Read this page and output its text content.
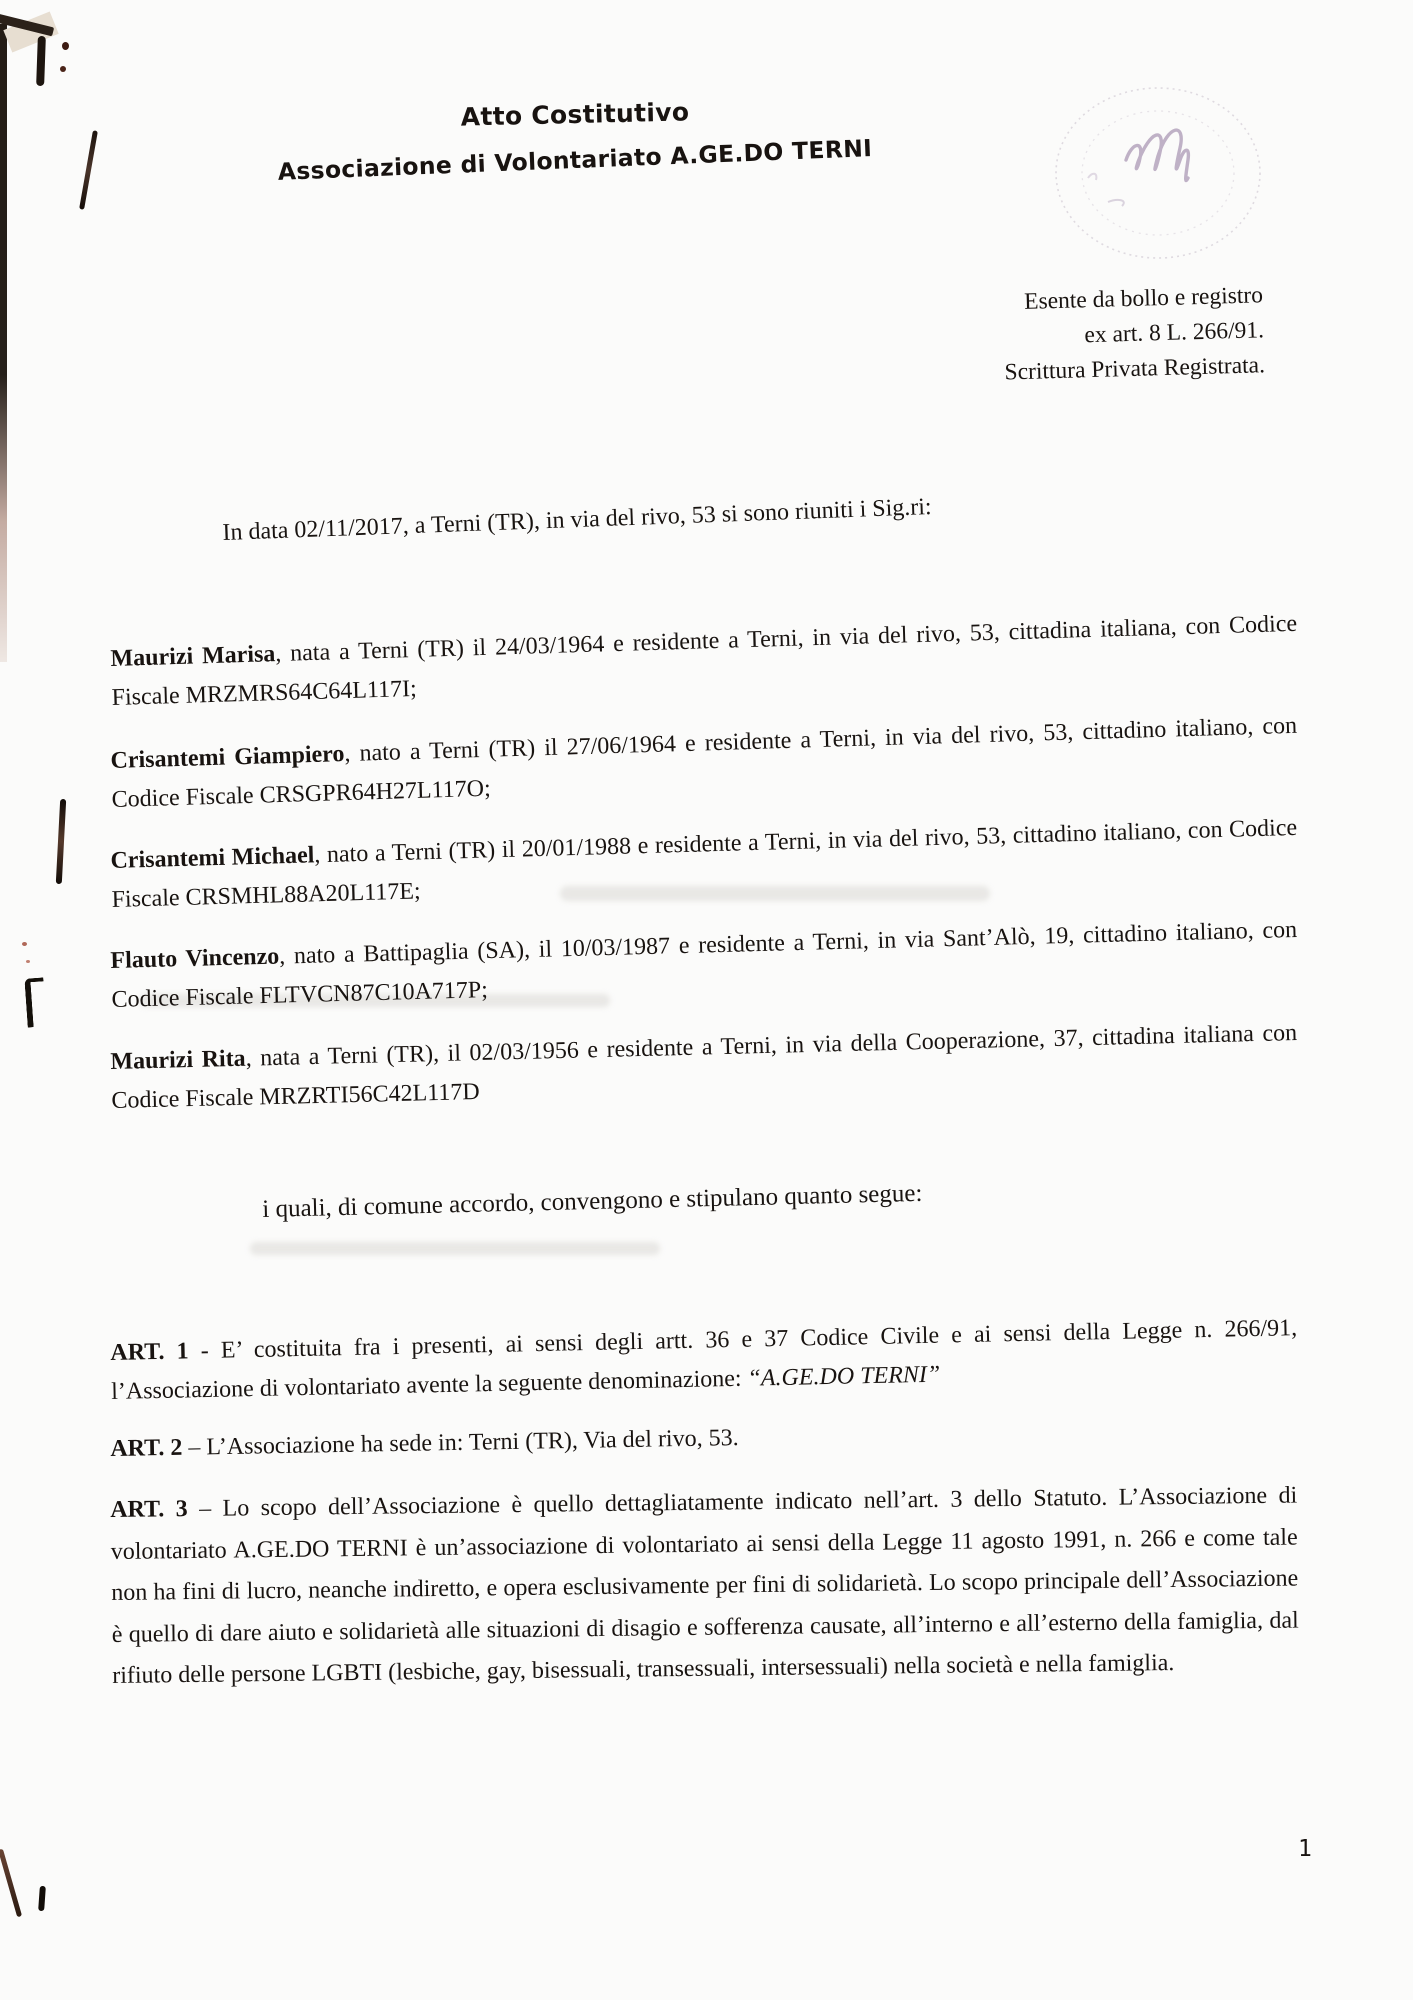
Atto Costitutivo
Associazione di Volontariato A.GE.DO TERNI
Esente da bollo e registro
ex art. 8 L. 266/91.
Scrittura Privata Registrata.
In data 02/11/2017, a Terni (TR), in via del rivo, 53 si sono riuniti i Sig.ri:
Maurizi Marisa, nata a Terni (TR) il 24/03/1964 e residente a Terni, in via del rivo, 53, cittadina italiana, con Codice Fiscale MRZMRS64C64L117I;
Crisantemi Giampiero, nato a Terni (TR) il 27/06/1964 e residente a Terni, in via del rivo, 53, cittadino italiano, con Codice Fiscale CRSGPR64H27L117O;
Crisantemi Michael, nato a Terni (TR) il 20/01/1988 e residente a Terni, in via del rivo, 53, cittadino italiano, con Codice Fiscale CRSMHL88A20L117E;
Flauto Vincenzo, nato a Battipaglia (SA), il 10/03/1987 e residente a Terni, in via Sant’Alò, 19, cittadino italiano, con Codice Fiscale FLTVCN87C10A717P;
Maurizi Rita, nata a Terni (TR), il 02/03/1956 e residente a Terni, in via della Cooperazione, 37, cittadina italiana con Codice Fiscale MRZRTI56C42L117D
i quali, di comune accordo, convengono e stipulano quanto segue:
ART. 1 - E’ costituita fra i presenti, ai sensi degli artt. 36 e 37 Codice Civile e ai sensi della Legge n. 266/91, l’Associazione di volontariato avente la seguente denominazione: “A.GE.DO TERNI”
ART. 2 – L’Associazione ha sede in: Terni (TR), Via del rivo, 53.
ART. 3 – Lo scopo dell’Associazione è quello dettagliatamente indicato nell’art. 3 dello Statuto. L’Associazione di volontariato A.GE.DO TERNI è un’associazione di volontariato ai sensi della Legge 11 agosto 1991, n. 266 e come tale non ha fini di lucro, neanche indiretto, e opera esclusivamente per fini di solidarietà. Lo scopo principale dell’Associazione è quello di dare aiuto e solidarietà alle situazioni di disagio e sofferenza causate, all’interno e all’esterno della famiglia, dal rifiuto delle persone LGBTI (lesbiche, gay, bisessuali, transessuali, intersessuali) nella società e nella famiglia.
1
